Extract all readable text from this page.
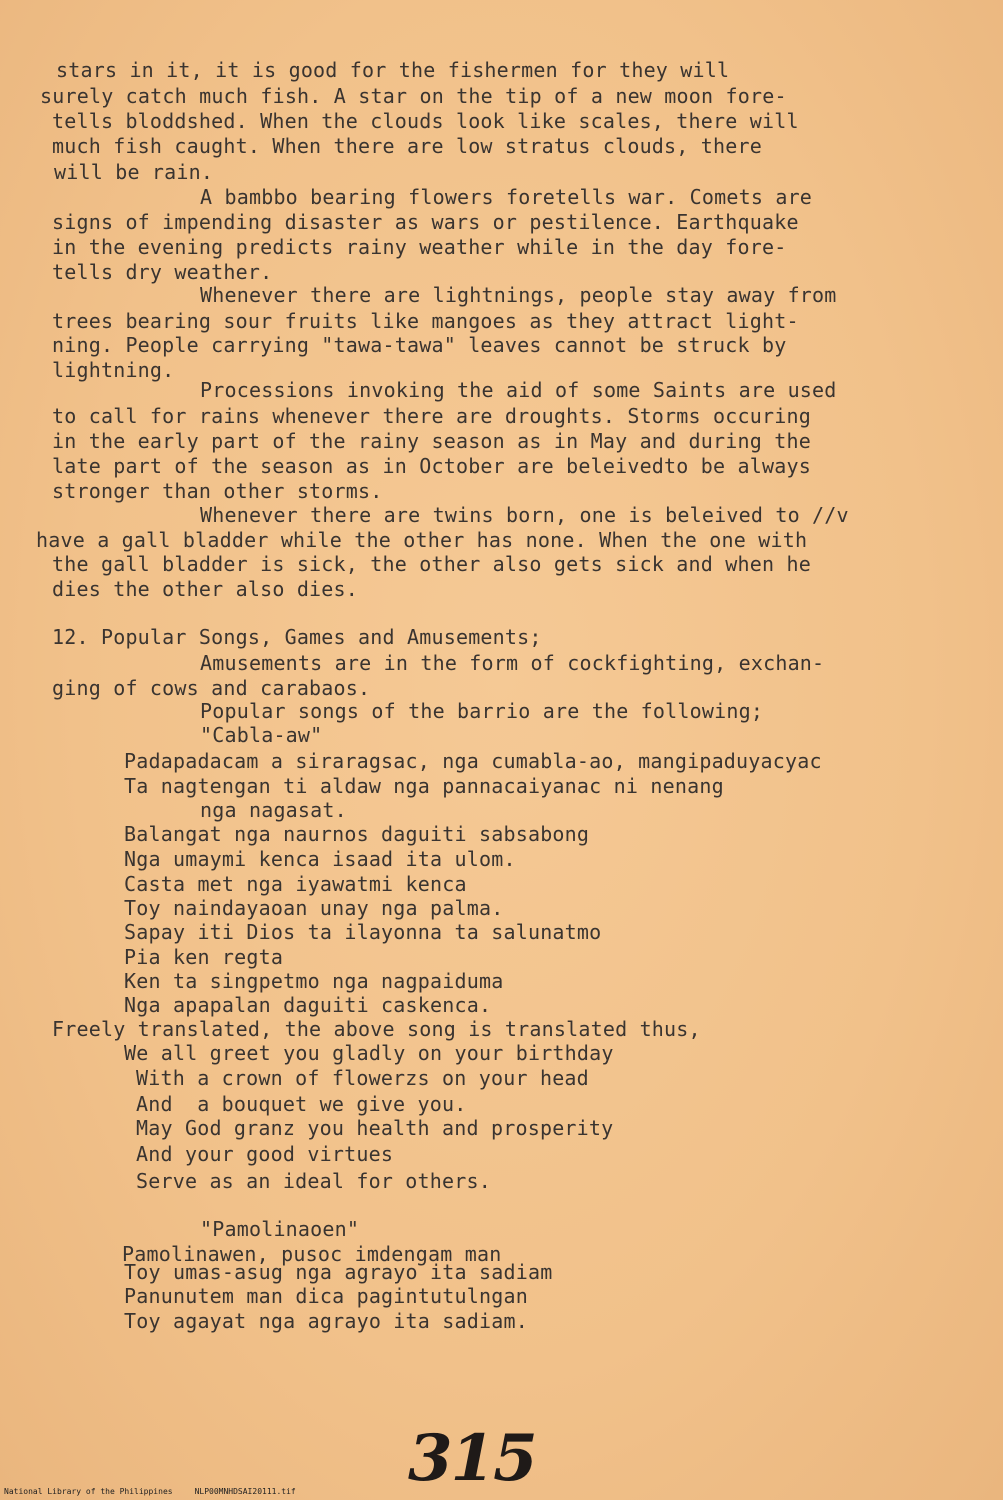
stars in it, it is good for the fishermen for they will
surely catch much fish. A star on the tip of a new moon fore-
tells bloddshed. When the clouds look like scales, there will
much fish caught. When there are low stratus clouds, there
will be rain.
A bambbo bearing flowers foretells war. Comets are
signs of impending disaster as wars or pestilence. Earthquake
in the evening predicts rainy weather while in the day fore-
tells dry weather.
Whenever there are lightnings, people stay away from
trees bearing sour fruits like mangoes as they attract light-
ning. People carrying "tawa-tawa" leaves cannot be struck by
lightning.
Processions invoking the aid of some Saints are used
to call for rains whenever there are droughts. Storms occuring
in the early part of the rainy season as in May and during the
late part of the season as in October are beleivedto be always
stronger than other storms.
Whenever there are twins born, one is beleived to //v
have a gall bladder while the other has none. When the one with
the gall bladder is sick, the other also gets sick and when he
dies the other also dies.
12. Popular Songs, Games and Amusements;
Amusements are in the form of cockfighting, exchan-
ging of cows and carabaos.
Popular songs of the barrio are the following;
"Cabla-aw"
Padapadacam a siraragsac, nga cumabla-ao, mangipaduyacyac
Ta nagtengan ti aldaw nga pannacaiyanac ni nenang
nga nagasat.
Balangat nga naurnos daguiti sabsabong
Nga umaymi kenca isaad ita ulom.
Casta met nga iyawatmi kenca
Toy naindayaoan unay nga palma.
Sapay iti Dios ta ilayonna ta salunatmo
Pia ken regta
Ken ta singpetmo nga nagpaiduma
Nga apapalan daguiti caskenca.
Freely translated, the above song is translated thus,
We all greet you gladly on your birthday
With a crown of flowerzs on your head
And  a bouquet we give you.
May God granz you health and prosperity
And your good virtues
Serve as an ideal for others.
"Pamolinaoen"
Pamolinawen, pusoc imdengam man
Toy umas-asug nga agrayo ita sadiam
Panunutem man dica pagintutulngan
Toy agayat nga agrayo ita sadiam.
315
National Library of the Philippines	NLP00MNHDSAI20111.tif
